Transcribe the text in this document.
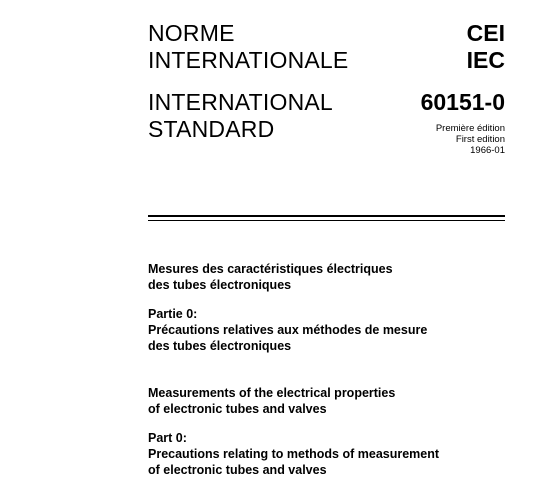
NORME
INTERNATIONALE
INTERNATIONAL
STANDARD
CEI
IEC
60151-0
Première édition
First edition
1966-01
Mesures des caractéristiques électriques
des tubes électroniques
Partie 0:
Précautions relatives aux méthodes de mesure
des tubes électroniques
Measurements of the electrical properties
of electronic tubes and valves
Part 0:
Precautions relating to methods of measurement
of electronic tubes and valves
